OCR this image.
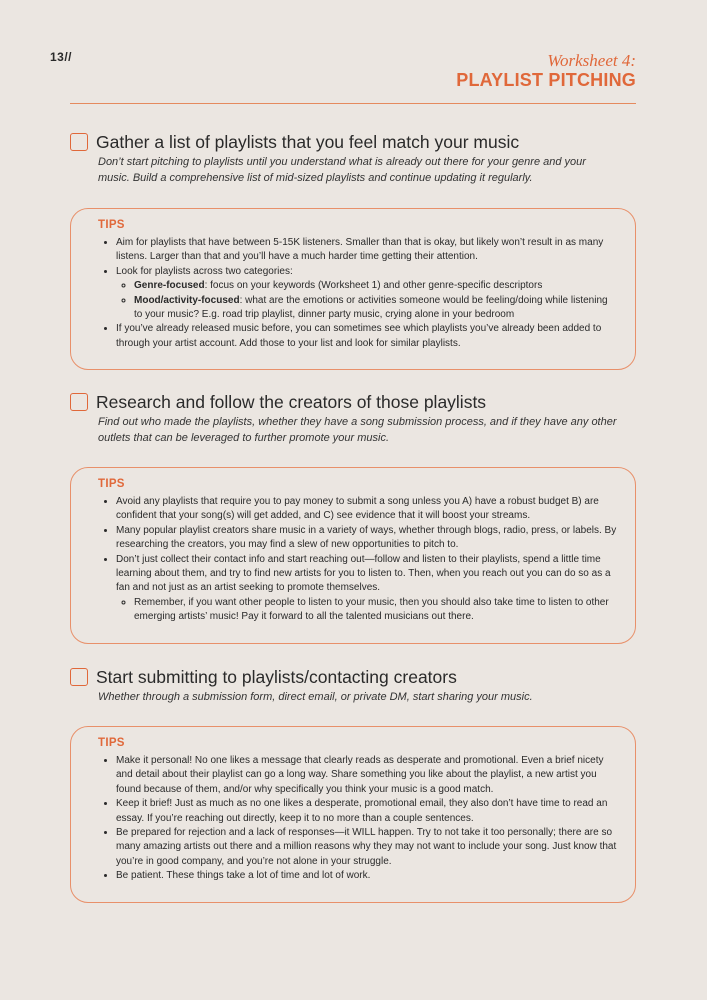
13//	Worksheet 4:
PLAYLIST PITCHING
Gather a list of playlists that you feel match your music
Don’t start pitching to playlists until you understand what is already out there for your genre and your music. Build a comprehensive list of mid-sized playlists and continue updating it regularly.
TIPS
• Aim for playlists that have between 5-15K listeners. Smaller than that is okay, but likely won’t result in as many listens. Larger than that and you’ll have a much harder time getting their attention.
• Look for playlists across two categories:
◦ Genre-focused: focus on your keywords (Worksheet 1) and other genre-specific descriptors
◦ Mood/activity-focused: what are the emotions or activities someone would be feeling/doing while listening to your music? E.g. road trip playlist, dinner party music, crying alone in your bedroom
• If you’ve already released music before, you can sometimes see which playlists you’ve already been added to through your artist account. Add those to your list and look for similar playlists.
Research and follow the creators of those playlists
Find out who made the playlists, whether they have a song submission process, and if they have any other outlets that can be leveraged to further promote your music.
TIPS
• Avoid any playlists that require you to pay money to submit a song unless you A) have a robust budget B) are confident that your song(s) will get added, and C) see evidence that it will boost your streams.
• Many popular playlist creators share music in a variety of ways, whether through blogs, radio, press, or labels. By researching the creators, you may find a slew of new opportunities to pitch to.
• Don’t just collect their contact info and start reaching out—follow and listen to their playlists, spend a little time learning about them, and try to find new artists for you to listen to. Then, when you reach out you can do so as a fan and not just as an artist seeking to promote themselves.
◦ Remember, if you want other people to listen to your music, then you should also take time to listen to other emerging artists’ music! Pay it forward to all the talented musicians out there.
Start submitting to playlists/contacting creators
Whether through a submission form, direct email, or private DM, start sharing your music.
TIPS
• Make it personal! No one likes a message that clearly reads as desperate and promotional. Even a brief nicety and detail about their playlist can go a long way. Share something you like about the playlist, a new artist you found because of them, and/or why specifically you think your music is a good match.
• Keep it brief! Just as much as no one likes a desperate, promotional email, they also don’t have time to read an essay. If you’re reaching out directly, keep it to no more than a couple sentences.
• Be prepared for rejection and a lack of responses—it WILL happen. Try to not take it too personally; there are so many amazing artists out there and a million reasons why they may not want to include your song. Just know that you’re in good company, and you’re not alone in your struggle.
• Be patient. These things take a lot of time and lot of work.
